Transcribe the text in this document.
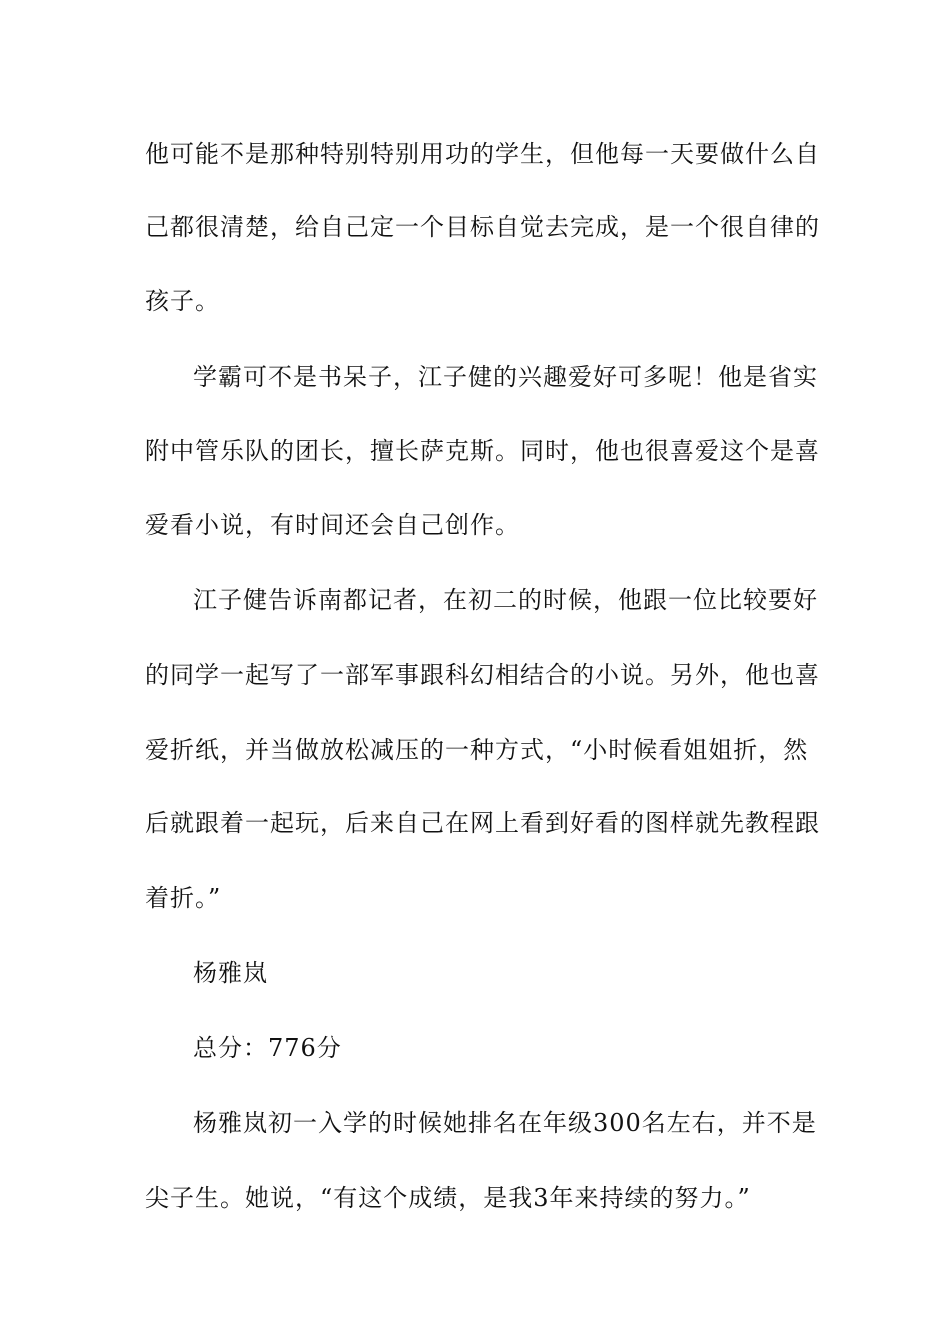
他可能不是那种特别特别用功的学生，但他每一天要做什么自
己都很清楚，给自己定一个目标自觉去完成，是一个很自律的
孩子。
学霸可不是书呆子，江子健的兴趣爱好可多呢！他是省实
附中管乐队的团长，擅长萨克斯。同时，他也很喜爱这个是喜
爱看小说，有时间还会自己创作。
江子健告诉南都记者，在初二的时候，他跟一位比较要好
的同学一起写了一部军事跟科幻相结合的小说。另外，他也喜
爱折纸，并当做放松减压的一种方式，“小时候看姐姐折，然
后就跟着一起玩，后来自己在网上看到好看的图样就先教程跟
着折。”
杨雅岚
总分：776分
杨雅岚初一入学的时候她排名在年级300名左右，并不是
尖子生。她说，“有这个成绩，是我3年来持续的努力。”
